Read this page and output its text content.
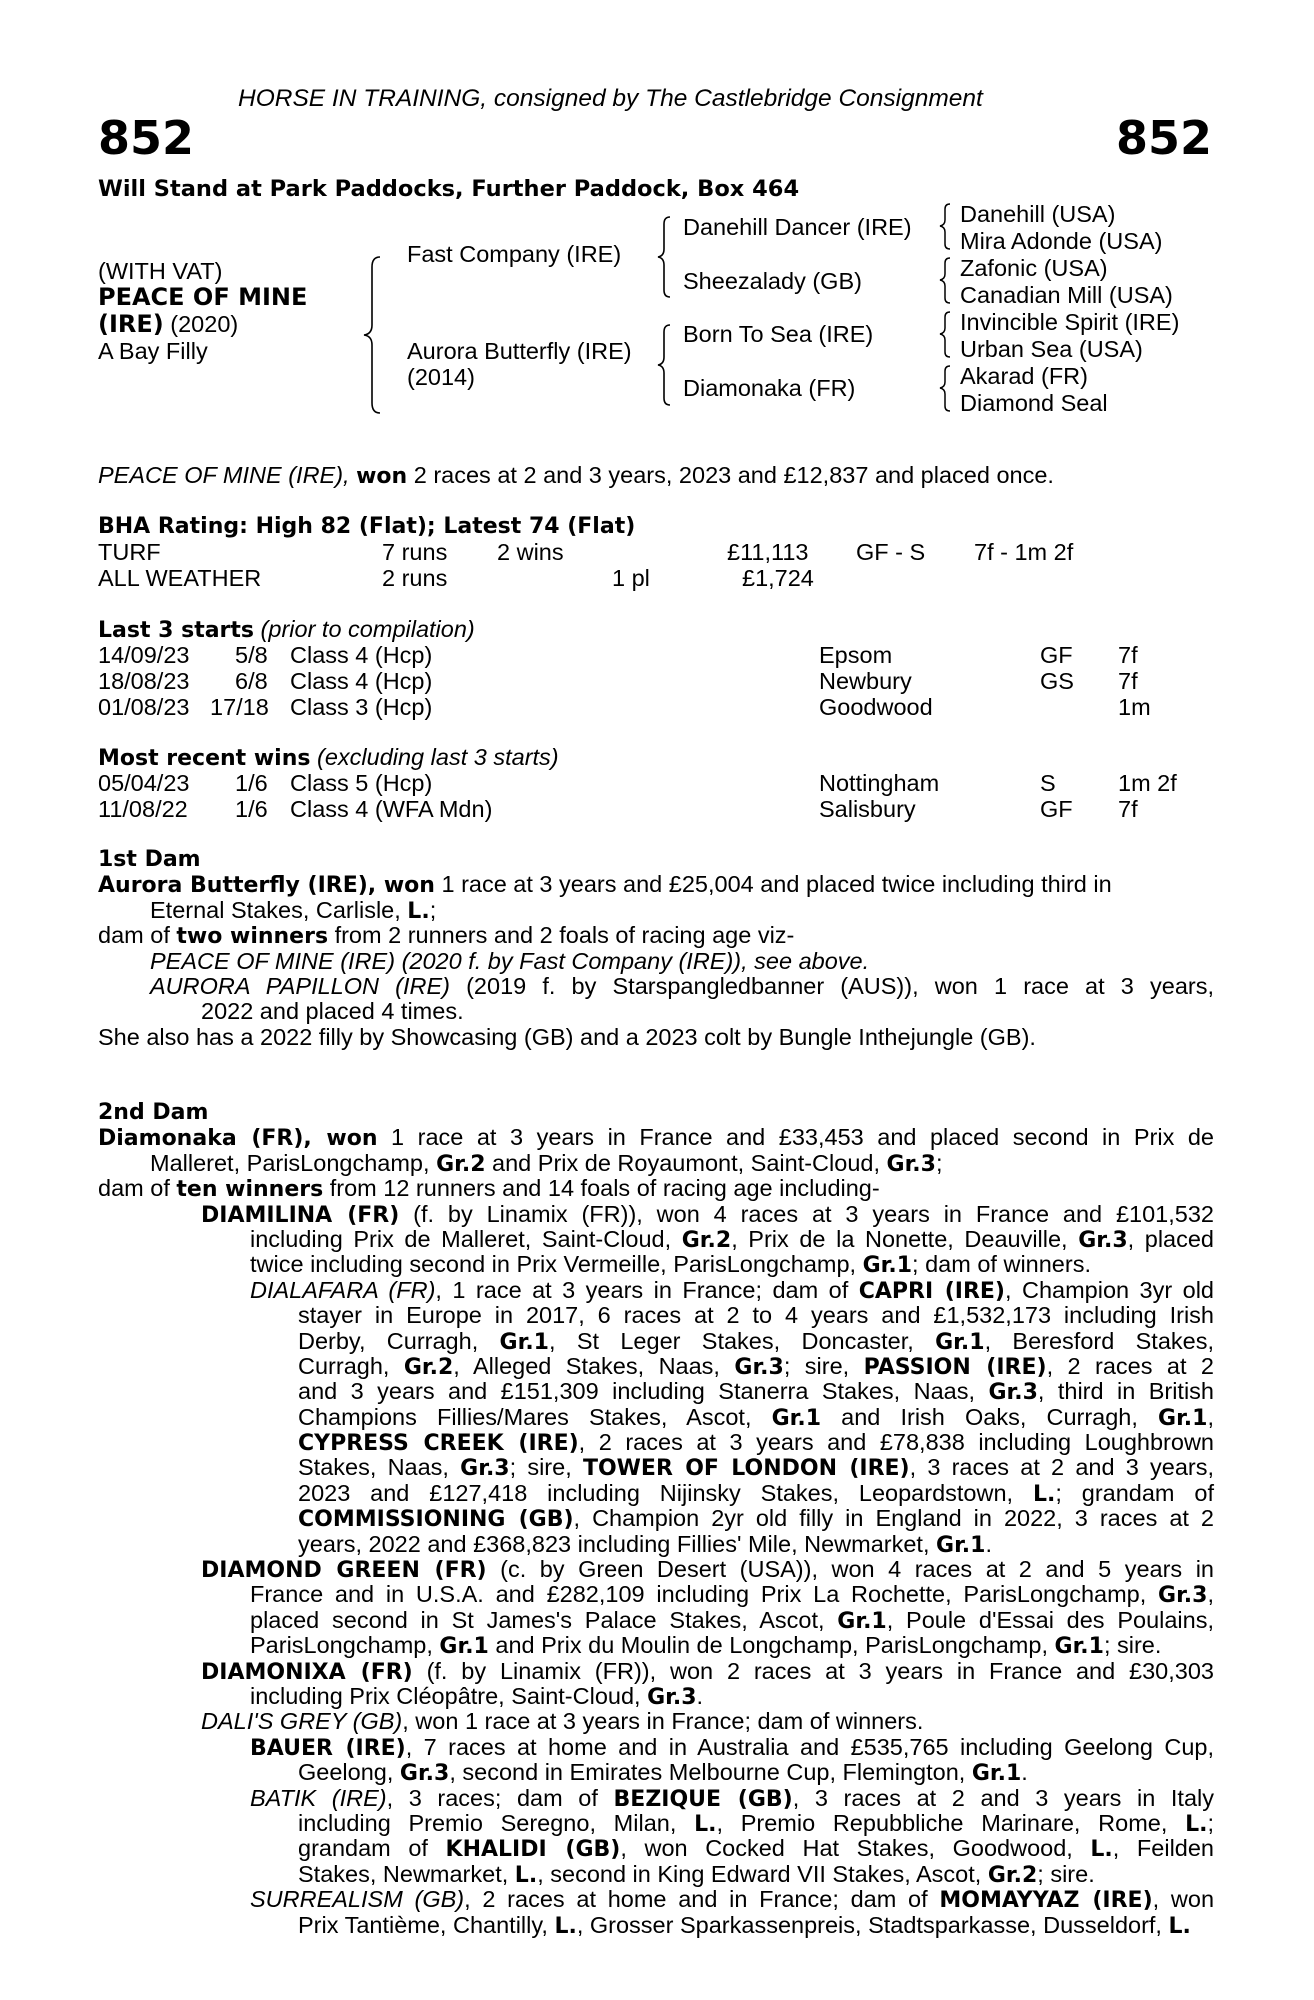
HORSE IN TRAINING, consigned by The Castlebridge Consignment
852	852
Will Stand at Park Paddocks, Further Paddock, Box 464
(WITH VAT)
PEACE OF MINE
(IRE) (2020)
A Bay Filly
Fast Company (IRE)
Aurora Butterfly (IRE)
(2014)
Danehill Dancer (IRE)
Sheezalady (GB)
Born To Sea (IRE)
Diamonaka (FR)
Danehill (USA)
Mira Adonde (USA)
Zafonic (USA)
Canadian Mill (USA)
Invincible Spirit (IRE)
Urban Sea (USA)
Akarad (FR)
Diamond Seal
PEACE OF MINE (IRE), won 2 races at 2 and 3 years, 2023 and £12,837 and placed once.
BHA Rating: High 82 (Flat); Latest 74 (Flat)
TURF	7 runs 2 wins	£11,113 GF - S 7f - 1m 2f
ALL WEATHER	2 runs	1 pl	£1,724
Last 3 starts (prior to compilation)
14/09/23 5/8 Class 4 (Hcp)	Epsom	GF 7f
18/08/23 6/8 Class 4 (Hcp)	Newbury	GS 7f
01/08/23 17/18 Class 3 (Hcp)	Goodwood	1m
Most recent wins (excluding last 3 starts)
05/04/23 1/6 Class 5 (Hcp)	Nottingham	S	1m 2f
11/08/22 1/6 Class 4 (WFA Mdn)	Salisbury	GF 7f
1st Dam
Aurora Butterfly (IRE), won 1 race at 3 years and £25,004 and placed twice including third in
Eternal Stakes, Carlisle, L.;
dam of two winners from 2 runners and 2 foals of racing age viz-
PEACE OF MINE (IRE) (2020 f. by Fast Company (IRE)), see above.
AURORA PAPILLON (IRE) (2019 f. by Starspangledbanner (AUS)), won 1 race at 3 years,
2022 and placed 4 times.
She also has a 2022 filly by Showcasing (GB) and a 2023 colt by Bungle Inthejungle (GB).
2nd Dam
Diamonaka (FR), won 1 race at 3 years in France and £33,453 and placed second in Prix de
Malleret, ParisLongchamp, Gr.2 and Prix de Royaumont, Saint-Cloud, Gr.3;
dam of ten winners from 12 runners and 14 foals of racing age including-
DIAMILINA (FR) (f. by Linamix (FR)), won 4 races at 3 years in France and £101,532
including Prix de Malleret, Saint-Cloud, Gr.2, Prix de la Nonette, Deauville, Gr.3, placed
twice including second in Prix Vermeille, ParisLongchamp, Gr.1; dam of winners.
DIALAFARA (FR), 1 race at 3 years in France; dam of CAPRI (IRE), Champion 3yr old
stayer in Europe in 2017, 6 races at 2 to 4 years and £1,532,173 including Irish
Derby, Curragh, Gr.1, St Leger Stakes, Doncaster, Gr.1, Beresford Stakes,
Curragh, Gr.2, Alleged Stakes, Naas, Gr.3; sire, PASSION (IRE), 2 races at 2
and 3 years and £151,309 including Stanerra Stakes, Naas, Gr.3, third in British
Champions Fillies/Mares Stakes, Ascot, Gr.1 and Irish Oaks, Curragh, Gr.1,
CYPRESS CREEK (IRE), 2 races at 3 years and £78,838 including Loughbrown
Stakes, Naas, Gr.3; sire, TOWER OF LONDON (IRE), 3 races at 2 and 3 years,
2023 and £127,418 including Nijinsky Stakes, Leopardstown, L.; grandam of
COMMISSIONING (GB), Champion 2yr old filly in England in 2022, 3 races at 2
years, 2022 and £368,823 including Fillies' Mile, Newmarket, Gr.1.
DIAMOND GREEN (FR) (c. by Green Desert (USA)), won 4 races at 2 and 5 years in
France and in U.S.A. and £282,109 including Prix La Rochette, ParisLongchamp, Gr.3,
placed second in St James's Palace Stakes, Ascot, Gr.1, Poule d'Essai des Poulains,
ParisLongchamp, Gr.1 and Prix du Moulin de Longchamp, ParisLongchamp, Gr.1; sire.
DIAMONIXA (FR) (f. by Linamix (FR)), won 2 races at 3 years in France and £30,303
including Prix Cléopâtre, Saint-Cloud, Gr.3.
DALI'S GREY (GB), won 1 race at 3 years in France; dam of winners.
BAUER (IRE), 7 races at home and in Australia and £535,765 including Geelong Cup,
Geelong, Gr.3, second in Emirates Melbourne Cup, Flemington, Gr.1.
BATIK (IRE), 3 races; dam of BEZIQUE (GB), 3 races at 2 and 3 years in Italy
including Premio Seregno, Milan, L., Premio Repubbliche Marinare, Rome, L.;
grandam of KHALIDI (GB), won Cocked Hat Stakes, Goodwood, L., Feilden
Stakes, Newmarket, L., second in King Edward VII Stakes, Ascot, Gr.2; sire.
SURREALISM (GB), 2 races at home and in France; dam of MOMAYYAZ (IRE), won
Prix Tantième, Chantilly, L., Grosser Sparkassenpreis, Stadtsparkasse, Dusseldorf, L.
